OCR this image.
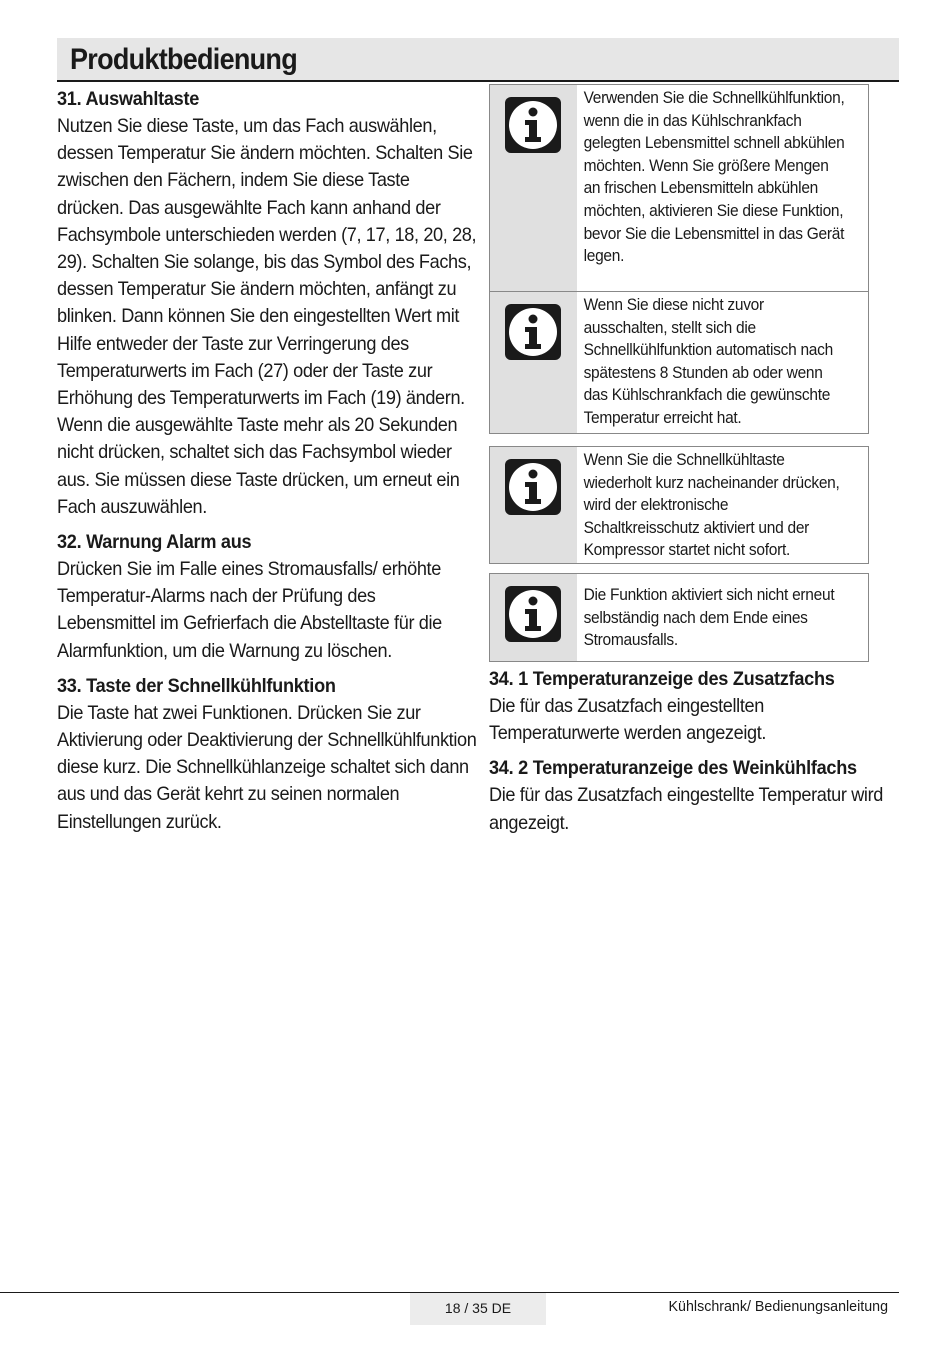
Produktbedienung
31. Auswahltaste

Nutzen Sie diese Taste, um das Fach auswählen, dessen Temperatur Sie ändern möchten. Schalten Sie zwischen den Fächern, indem Sie diese Taste drücken. Das ausgewählte Fach kann anhand der Fachsymbole unterschieden werden (7, 17, 18, 20, 28, 29). Schalten Sie solange, bis das Symbol des Fachs, dessen Temperatur Sie ändern möchten, anfängt zu blinken. Dann können Sie den eingestellten Wert mit Hilfe entweder der Taste zur Verringerung des Temperaturwerts im Fach (27) oder der Taste zur Erhöhung des Temperaturwerts im Fach (19) ändern. Wenn die ausgewählte Taste mehr als 20 Sekunden nicht drücken, schaltet sich das Fachsymbol wieder aus. Sie müssen diese Taste drücken, um erneut ein Fach auszuwählen.

32. Warnung Alarm aus

Drücken Sie im Falle eines Stromausfalls/ erhöhte Temperatur-Alarms nach der Prüfung des Lebensmittel im Gefrierfach die Abstelltaste für die Alarmfunktion, um die Warnung zu löschen.

33. Taste der Schnellkühlfunktion

Die Taste hat zwei Funktionen. Drücken Sie zur Aktivierung oder Deaktivierung der Schnellkühlfunktion diese kurz. Die Schnellkühlanzeige schaltet sich dann aus und das Gerät kehrt zu seinen normalen Einstellungen zurück.

Verwenden Sie die Schnellkühlfunktion, wenn die in das Kühlschrankfach gelegten Lebensmittel schnell abkühlen möchten. Wenn Sie größere Mengen an frischen Lebensmitteln abkühlen möchten, aktivieren Sie diese Funktion, bevor Sie die Lebensmittel in das Gerät legen.
Wenn Sie diese nicht zuvor ausschalten, stellt sich die Schnellkühlfunktion automatisch nach spätestens 8 Stunden ab oder wenn das Kühlschrankfach die gewünschte Temperatur erreicht hat.
Wenn Sie die Schnellkühltaste wiederholt kurz nacheinander drücken, wird der elektronische Schaltkreisschutz aktiviert und der Kompressor startet nicht sofort.
Die Funktion aktiviert sich nicht erneut selbständig nach dem Ende eines Stromausfalls.
34. 1 Temperaturanzeige des Zusatzfachs

Die für das Zusatzfach eingestellten Temperaturwerte werden angezeigt.

34. 2 Temperaturanzeige des Weinkühlfachs

Die für das Zusatzfach eingestellte Temperatur wird angezeigt.

18 / 35 DE	Kühlschrank/ Bedienungsanleitung
